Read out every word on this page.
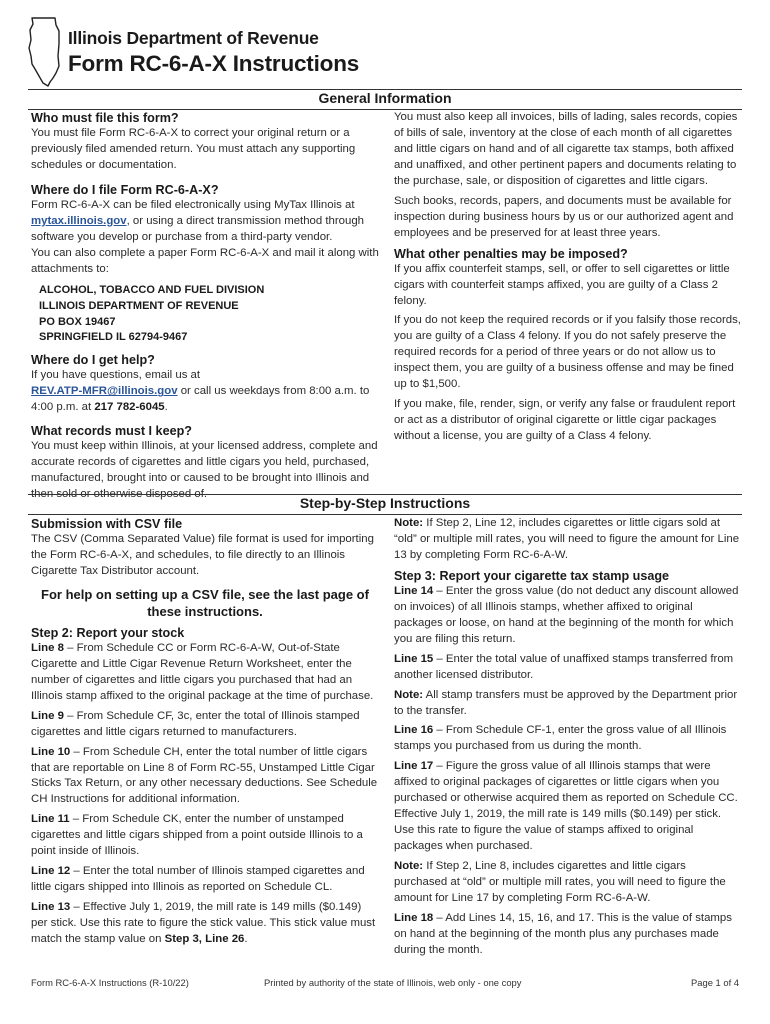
Illinois Department of Revenue
Form RC-6-A-X Instructions
General Information
Who must file this form?

You must file Form RC-6-A-X to correct your original return or a previously filed amended return. You must attach any supporting schedules or documentation.

Where do I file Form RC-6-A-X?

Form RC-6-A-X can be filed electronically using MyTax Illinois at mytax.illinois.gov, or using a direct transmission method through software you develop or purchase from a third-party vendor.

You can also complete a paper Form RC-6-A-X and mail it along with attachments to:

ALCOHOL, TOBACCO AND FUEL DIVISION
ILLINOIS DEPARTMENT OF REVENUE
PO BOX 19467
SPRINGFIELD IL 62794-9467
Where do I get help?

If you have questions, email us at
REV.ATP-MFR@illinois.gov or call us weekdays from 8:00 a.m. to 4:00 p.m. at 217 782-6045.

What records must I keep?

You must keep within Illinois, at your licensed address, complete and accurate records of cigarettes and little cigars you held, purchased, manufactured, brought into or caused to be brought into Illinois and then sold or otherwise disposed of.

You must also keep all invoices, bills of lading, sales records, copies of bills of sale, inventory at the close of each month of all cigarettes and little cigars on hand and of all cigarette tax stamps, both affixed and unaffixed, and other pertinent papers and documents relating to the purchase, sale, or disposition of cigarettes and little cigars.

Such books, records, papers, and documents must be available for inspection during business hours by us or our authorized agent and employees and be preserved for at least three years.

What other penalties may be imposed?

If you affix counterfeit stamps, sell, or offer to sell cigarettes or little cigars with counterfeit stamps affixed, you are guilty of a Class 2 felony.

If you do not keep the required records or if you falsify those records, you are guilty of a Class 4 felony. If you do not safely preserve the required records for a period of three years or do not allow us to inspect them, you are guilty of a business offense and may be fined up to $1,500.

If you make, file, render, sign, or verify any false or fraudulent report or act as a distributor of original cigarette or little cigar packages without a license, you are guilty of a Class 4 felony.

Step-by-Step Instructions
Submission with CSV file

The CSV (Comma Separated Value) file format is used for importing the Form RC-6-A-X, and schedules, to file directly to an Illinois Cigarette Tax Distributor account.

For help on setting up a CSV file, see the last page of these instructions.
Step 2: Report your stock

Line 8 – From Schedule CC or Form RC-6-A-W, Out-of-State Cigarette and Little Cigar Revenue Return Worksheet, enter the number of cigarettes and little cigars you purchased that had an Illinois stamp affixed to the original package at the time of purchase.

Line 9 – From Schedule CF, 3c, enter the total of Illinois stamped cigarettes and little cigars returned to manufacturers.

Line 10 – From Schedule CH, enter the total number of little cigars that are reportable on Line 8 of Form RC-55, Unstamped Little Cigar Sticks Tax Return, or any other necessary deductions. See Schedule CH Instructions for additional information.

Line 11 – From Schedule CK, enter the number of unstamped cigarettes and little cigars shipped from a point outside Illinois to a point inside of Illinois.

Line 12 – Enter the total number of Illinois stamped cigarettes and little cigars shipped into Illinois as reported on Schedule CL.

Line 13 – Effective July 1, 2019, the mill rate is 149 mills ($0.149) per stick. Use this rate to figure the stick value. This stick value must match the stamp value on Step 3, Line 26.

Note: If Step 2, Line 12, includes cigarettes or little cigars sold at “old” or multiple mill rates, you will need to figure the amount for Line 13 by completing Form RC-6-A-W.

Step 3: Report your cigarette tax stamp usage

Line 14 – Enter the gross value (do not deduct any discount allowed on invoices) of all Illinois stamps, whether affixed to original packages or loose, on hand at the beginning of the month for which you are filing this return.

Line 15 – Enter the total value of unaffixed stamps transferred from another licensed distributor.

Note: All stamp transfers must be approved by the Department prior to the transfer.

Line 16 – From Schedule CF-1, enter the gross value of all Illinois stamps you purchased from us during the month.

Line 17 – Figure the gross value of all Illinois stamps that were affixed to original packages of cigarettes or little cigars when you purchased or otherwise acquired them as reported on Schedule CC. Effective July 1, 2019, the mill rate is 149 mills ($0.149) per stick. Use this rate to figure the value of stamps affixed to original packages when purchased.

Note: If Step 2, Line 8, includes cigarettes and little cigars purchased at “old” or multiple mill rates, you will need to figure the amount for Line 17 by completing Form RC-6-A-W.

Line 18 – Add Lines 14, 15, 16, and 17. This is the value of stamps on hand at the beginning of the month plus any purchases made during the month.

Form RC-6-A-X Instructions (R-10/22)	Printed by authority of the state of Illinois, web only - one copy	Page 1 of 4
